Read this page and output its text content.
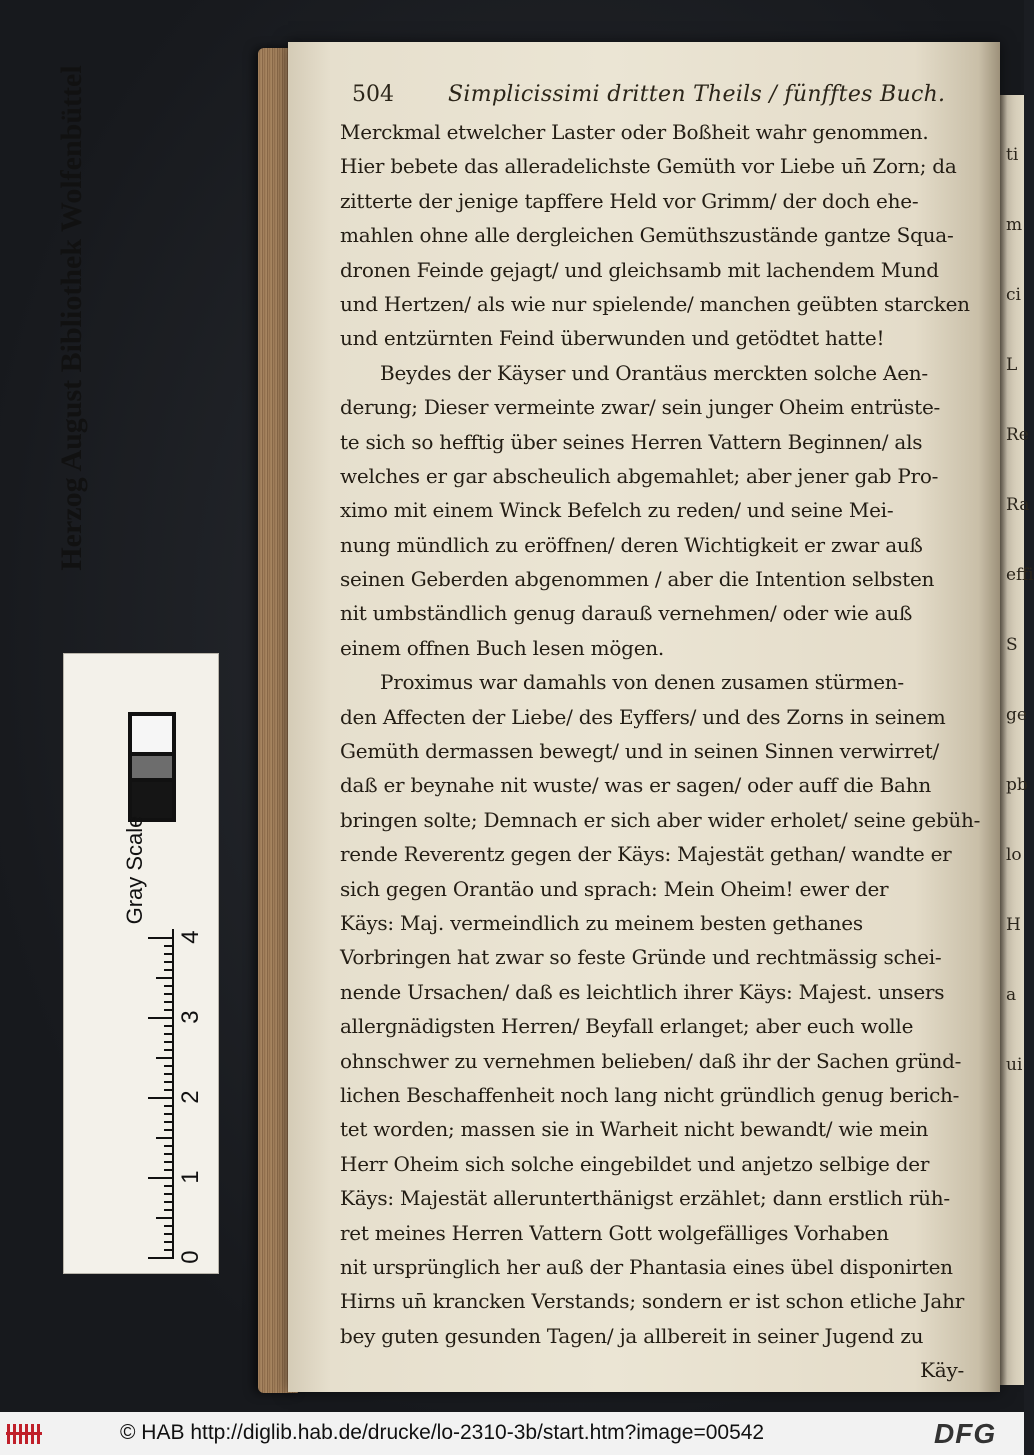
ti
m
ci
L
Re
Ra
effi
S
ge
pb
lo
H
a
ui
504 Simplicissimi dritten Theils / fünfftes Buch.
Merckmal etwelcher Laster oder Boßheit wahr genommen.
Hier bebete das alleradelichste Gemüth vor Liebe un̄ Zorn; da
zitterte der jenige tapffere Held vor Grimm/ der doch ehe-
mahlen ohne alle dergleichen Gemüthszustände gantze Squa-
dronen Feinde gejagt/ und gleichsamb mit lachendem Mund
und Hertzen/ als wie nur spielende/ manchen geübten starcken
und entzürnten Feind überwunden und getödtet hatte!
Beydes der Käyser und Orantäus merckten solche Aen-
derung; Dieser vermeinte zwar/ sein junger Oheim entrüste-
te sich so hefftig über seines Herren Vattern Beginnen/ als
welches er gar abscheulich abgemahlet; aber jener gab Pro-
ximo mit einem Winck Befelch zu reden/ und seine Mei-
nung mündlich zu eröffnen/ deren Wichtigkeit er zwar auß
seinen Geberden abgenommen / aber die Intention selbsten
nit umbständlich genug darauß vernehmen/ oder wie auß
einem offnen Buch lesen mögen.
Proximus war damahls von denen zusamen stürmen-
den Affecten der Liebe/ des Eyffers/ und des Zorns in seinem
Gemüth dermassen bewegt/ und in seinen Sinnen verwirret/
daß er beynahe nit wuste/ was er sagen/ oder auff die Bahn
bringen solte; Demnach er sich aber wider erholet/ seine gebüh-
rende Reverentz gegen der Käys: Majestät gethan/ wandte er
sich gegen Orantäo und sprach: Mein Oheim! ewer der
Käys: Maj. vermeindlich zu meinem besten gethanes
Vorbringen hat zwar so feste Gründe und rechtmässig schei-
nende Ursachen/ daß es leichtlich ihrer Käys: Majest. unsers
allergnädigsten Herren/ Beyfall erlanget; aber euch wolle
ohnschwer zu vernehmen belieben/ daß ihr der Sachen gründ-
lichen Beschaffenheit noch lang nicht gründlich genug berich-
tet worden; massen sie in Warheit nicht bewandt/ wie mein
Herr Oheim sich solche eingebildet und anjetzo selbige der
Käys: Majestät allerunterthänigst erzählet; dann erstlich rüh-
ret meines Herren Vattern Gott wolgefälliges Vorhaben
nit ursprünglich her auß der Phantasia eines übel disponirten
Hirns un̄ krancken Verstands; sondern er ist schon etliche Jahr
bey guten gesunden Tagen/ ja allbereit in seiner Jugend zu
Käy-
0
1
2
3
4
Herzog August Bibliothek Wolfenbüttel
Gray Scale
© HAB http://diglib.hab.de/drucke/lo-2310-3b/start.htm?image=00542	DFG
